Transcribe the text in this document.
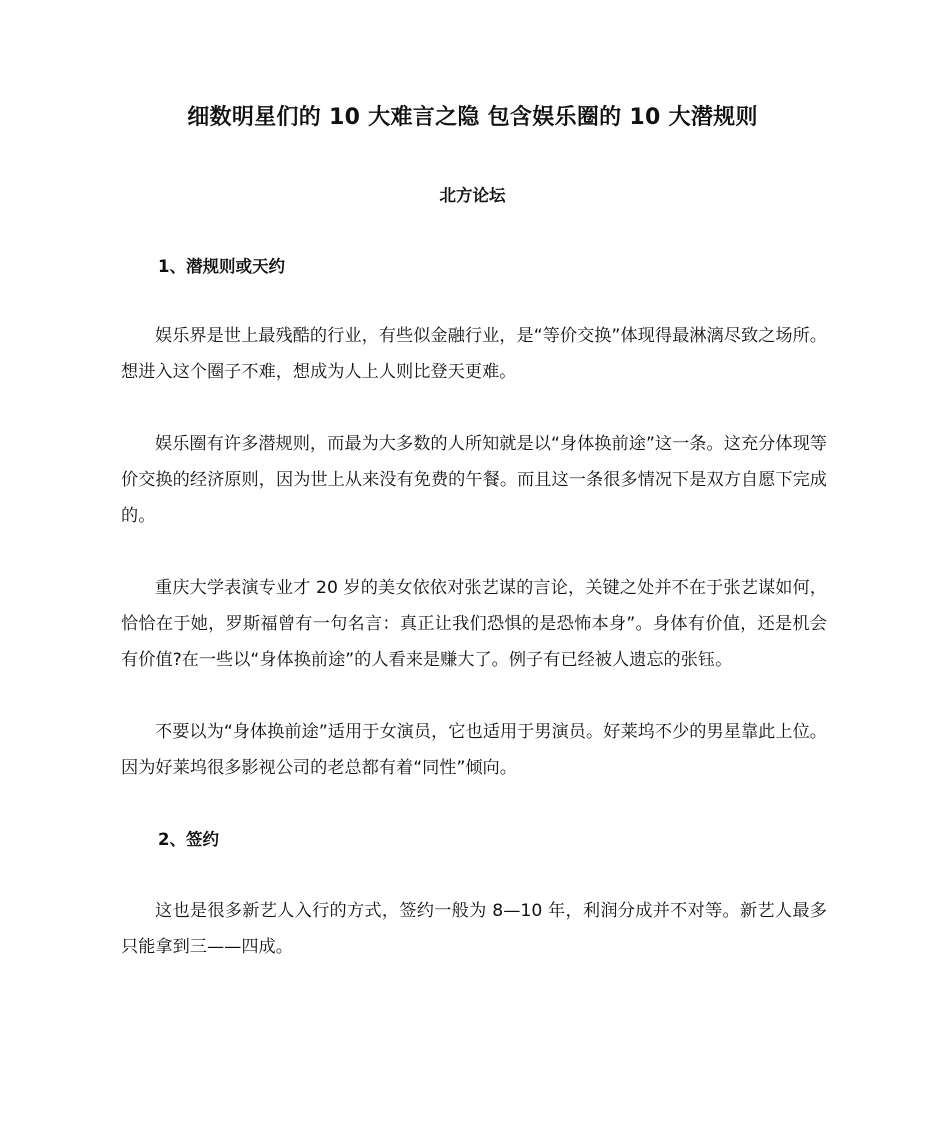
细数明星们的 10 大难言之隐 包含娱乐圈的 10 大潜规则

北方论坛

1、潜规则或天约

娱乐界是世上最残酷的行业，有些似金融行业，是“等价交换”体现得最淋漓尽致之场所。想进入这个圈子不难，想成为人上人则比登天更难。

娱乐圈有许多潜规则，而最为大多数的人所知就是以“身体换前途”这一条。这充分体现等价交换的经济原则，因为世上从来没有免费的午餐。而且这一条很多情况下是双方自愿下完成的。

重庆大学表演专业才 20 岁的美女依依对张艺谋的言论，关键之处并不在于张艺谋如何，恰恰在于她，罗斯福曾有一句名言：真正让我们恐惧的是恐怖本身”。身体有价值，还是机会有价值?在一些以“身体换前途”的人看来是赚大了。例子有已经被人遗忘的张钰。

不要以为“身体换前途”适用于女演员，它也适用于男演员。好莱坞不少的男星靠此上位。因为好莱坞很多影视公司的老总都有着“同性”倾向。

2、签约

这也是很多新艺人入行的方式，签约一般为 8—10 年，利润分成并不对等。新艺人最多只能拿到三——四成。
